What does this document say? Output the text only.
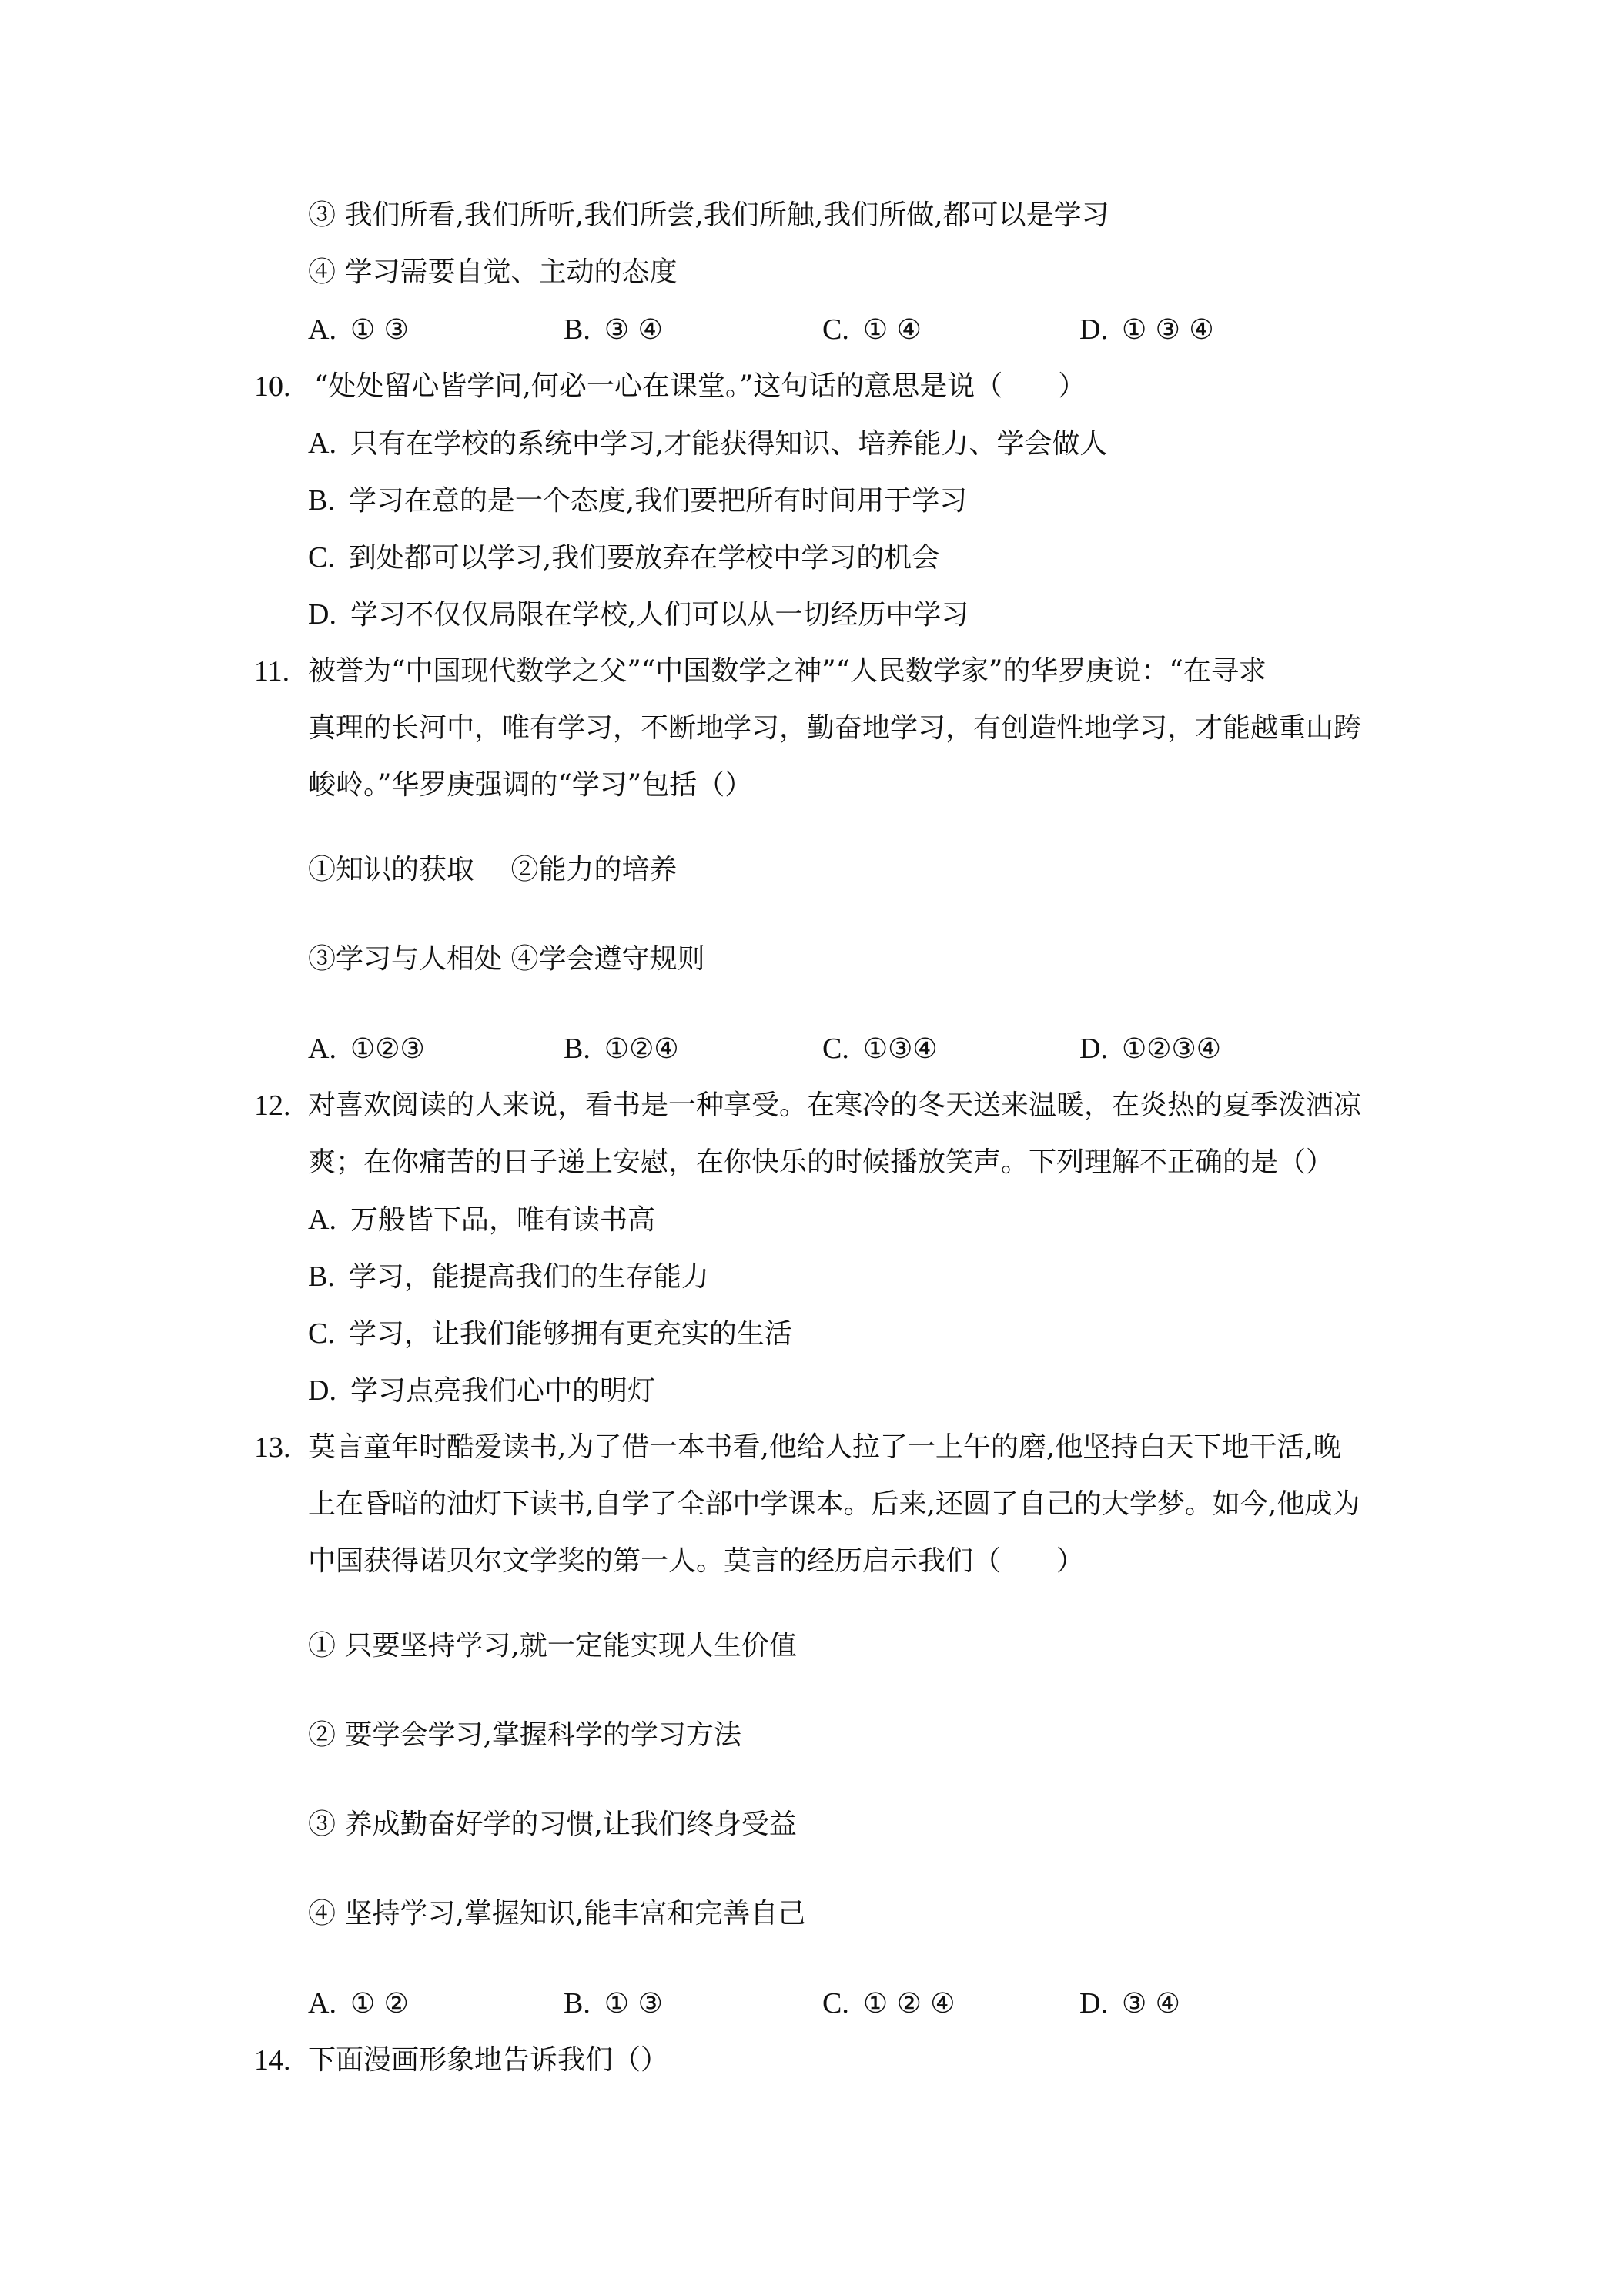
③ 我们所看,我们所听,我们所尝,我们所触,我们所做,都可以是学习
④ 学习需要自觉、主动的态度
A. ① ③	B. ③ ④	C. ① ④	D. ① ③ ④
10. “处处留心皆学问,何必一心在课堂。”这句话的意思是说（　　）
A. 只有在学校的系统中学习,才能获得知识、培养能力、学会做人
B. 学习在意的是一个态度,我们要把所有时间用于学习
C. 到处都可以学习,我们要放弃在学校中学习的机会
D. 学习不仅仅局限在学校,人们可以从一切经历中学习
11. 被誉为“中国现代数学之父”“中国数学之神”“人民数学家”的华罗庚说：“在寻求
真理的长河中，唯有学习，不断地学习，勤奋地学习，有创造性地学习，才能越重山跨
峻岭。”华罗庚强调的“学习”包括（）
①知识的获取　 ②能力的培养
③学习与人相处 ④学会遵守规则
A. ①②③	B. ①②④	C. ①③④	D. ①②③④
12. 对喜欢阅读的人来说，看书是一种享受。在寒冷的冬天送来温暖，在炎热的夏季泼洒凉
爽；在你痛苦的日子递上安慰，在你快乐的时候播放笑声。下列理解不正确的是（）
A. 万般皆下品，唯有读书高
B. 学习，能提高我们的生存能力
C. 学习，让我们能够拥有更充实的生活
D. 学习点亮我们心中的明灯
13. 莫言童年时酷爱读书,为了借一本书看,他给人拉了一上午的磨,他坚持白天下地干活,晚
上在昏暗的油灯下读书,自学了全部中学课本。后来,还圆了自己的大学梦。如今,他成为
中国获得诺贝尔文学奖的第一人。莫言的经历启示我们（　　）
① 只要坚持学习,就一定能实现人生价值
② 要学会学习,掌握科学的学习方法
③ 养成勤奋好学的习惯,让我们终身受益
④ 坚持学习,掌握知识,能丰富和完善自己
A. ① ②	B. ① ③	C. ① ② ④	D. ③ ④
14. 下面漫画形象地告诉我们（）
